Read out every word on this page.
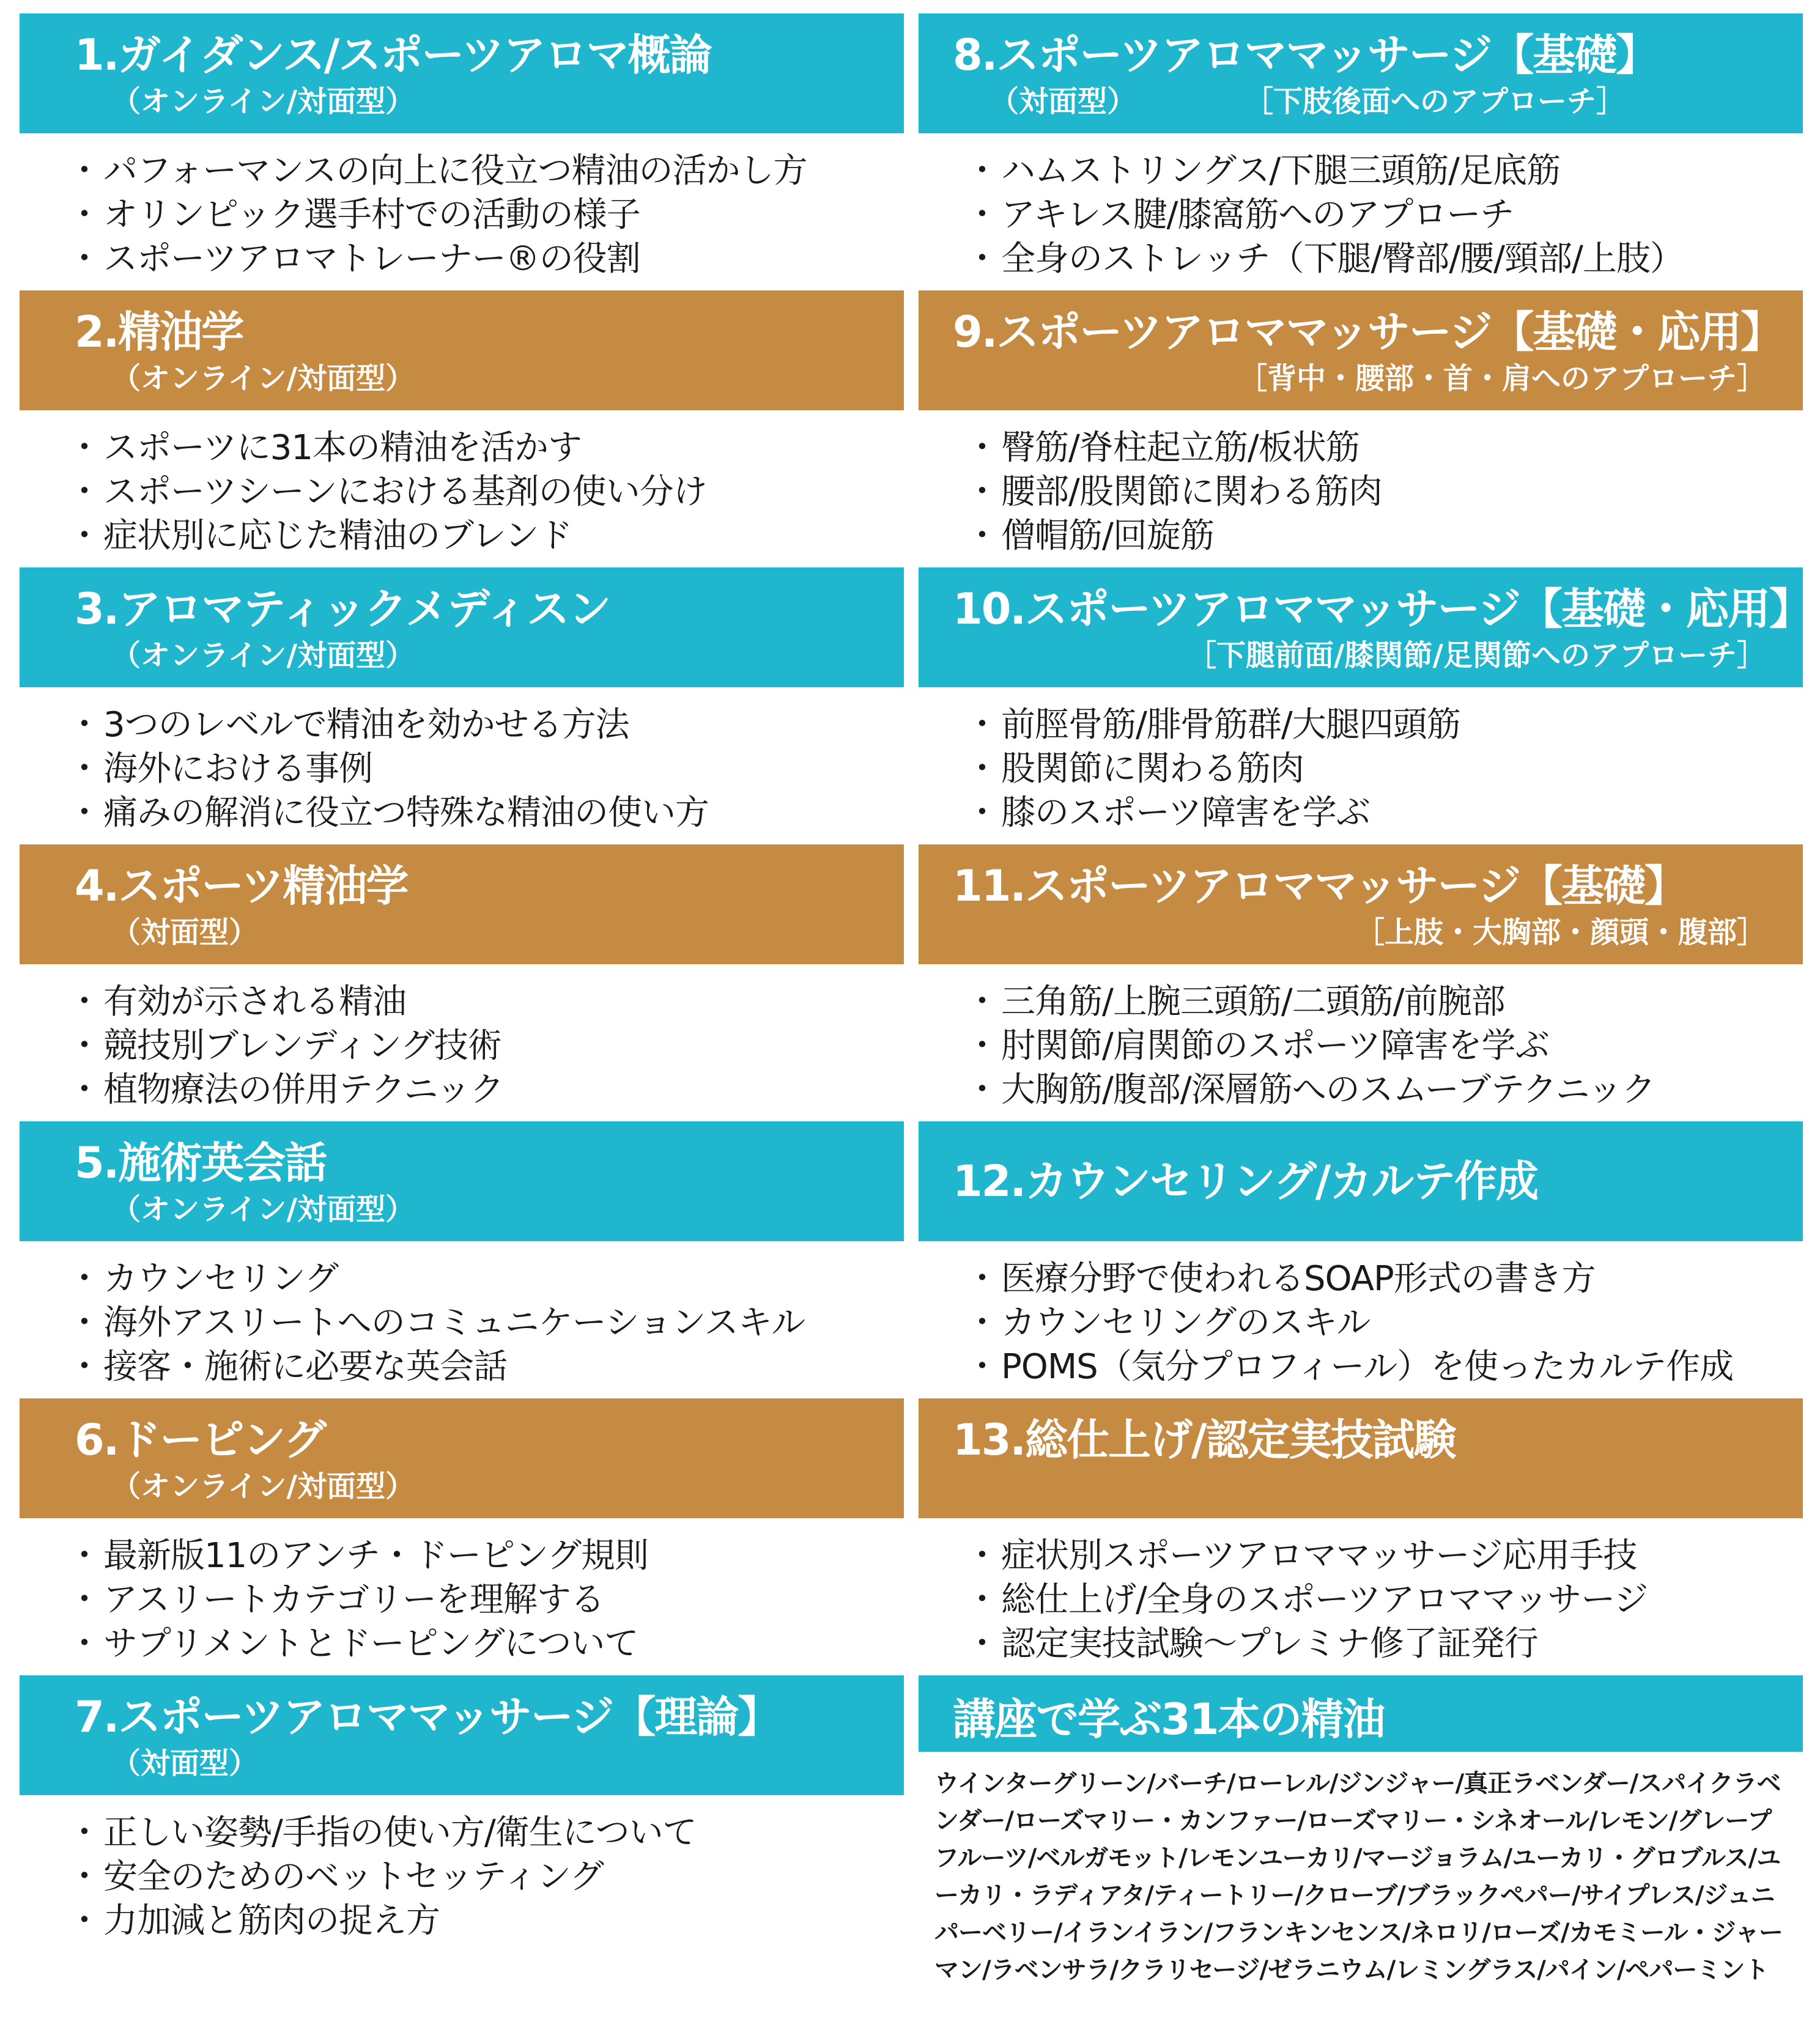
1.ガイダンス/スポーツアロマ概論
（オンライン/対面型）
・ パフォーマンスの向上に役立つ精油の活かし方
・ オリンピック選手村での活動の様子
・ スポーツアロマトレーナー®の役割
2.精油学
（オンライン/対面型）
・ スポーツに31本の精油を活かす
・ スポーツシーンにおける基剤の使い分け
・ 症状別に応じた精油のブレンド
3.アロマティックメディスン
（オンライン/対面型）
・ 3つのレベルで精油を効かせる方法
・ 海外における事例
・ 痛みの解消に役立つ特殊な精油の使い方
4.スポーツ精油学
（対面型）
・ 有効が示される精油
・ 競技別ブレンディング技術
・ 植物療法の併用テクニック
5.施術英会話
（オンライン/対面型）
・ カウンセリング
・ 海外アスリートへのコミュニケーションスキル
・ 接客・施術に必要な英会話
6.ドーピング
（オンライン/対面型）
・ 最新版11のアンチ・ドーピング規則
・ アスリートカテゴリーを理解する
・ サプリメントとドーピングについて
7.スポーツアロママッサージ【理論】
（対面型）
・ 正しい姿勢/手指の使い方/衛生について
・ 安全のためのベットセッティング
・ 力加減と筋肉の捉え方
8.スポーツアロママッサージ【基礎】
（対面型）	［下肢後面へのアプローチ］
・ ハムストリングス/下腿三頭筋/足底筋
・ アキレス腱/膝窩筋へのアプローチ
・ 全身のストレッチ（下腿/臀部/腰/頸部/上肢）
9.スポーツアロママッサージ【基礎・応用】
［背中・腰部・首・肩へのアプローチ］
・ 臀筋/脊柱起立筋/板状筋
・ 腰部/股関節に関わる筋肉
・ 僧帽筋/回旋筋
10.スポーツアロママッサージ【基礎・応用】
［下腿前面/膝関節/足関節へのアプローチ］
・ 前脛骨筋/腓骨筋群/大腿四頭筋
・ 股関節に関わる筋肉
・ 膝のスポーツ障害を学ぶ
11.スポーツアロママッサージ【基礎】
［上肢・大胸部・顔頭・腹部］
・ 三角筋/上腕三頭筋/二頭筋/前腕部
・ 肘関節/肩関節のスポーツ障害を学ぶ
・ 大胸筋/腹部/深層筋へのスムーブテクニック
12.カウンセリング/カルテ作成
・ 医療分野で使われるSOAP形式の書き方
・ カウンセリングのスキル
・ POMS（気分プロフィール）を使ったカルテ作成
13.総仕上げ/認定実技試験
・ 症状別スポーツアロママッサージ応用手技
・ 総仕上げ/全身のスポーツアロママッサージ
・ 認定実技試験～プレミナ修了証発行
講座で学ぶ31本の精油
ウインターグリーン/バーチ/ローレル/ジンジャー/真正ラベンダー/スパイクラベンダー/ローズマリー・カンファー/ローズマリー・シネオール/レモン/グレープフルーツ/ベルガモット/レモンユーカリ/マージョラム/ユーカリ・グロブルス/ユーカリ・ラディアタ/ティートリー/クローブ/ブラックペパー/サイプレス/ジュニパーベリー/イランイラン/フランキンセンス/ネロリ/ローズ/カモミール・ジャーマン/ラベンサラ/クラリセージ/ゼラニウム/レミングラス/パイン/ペパーミント
